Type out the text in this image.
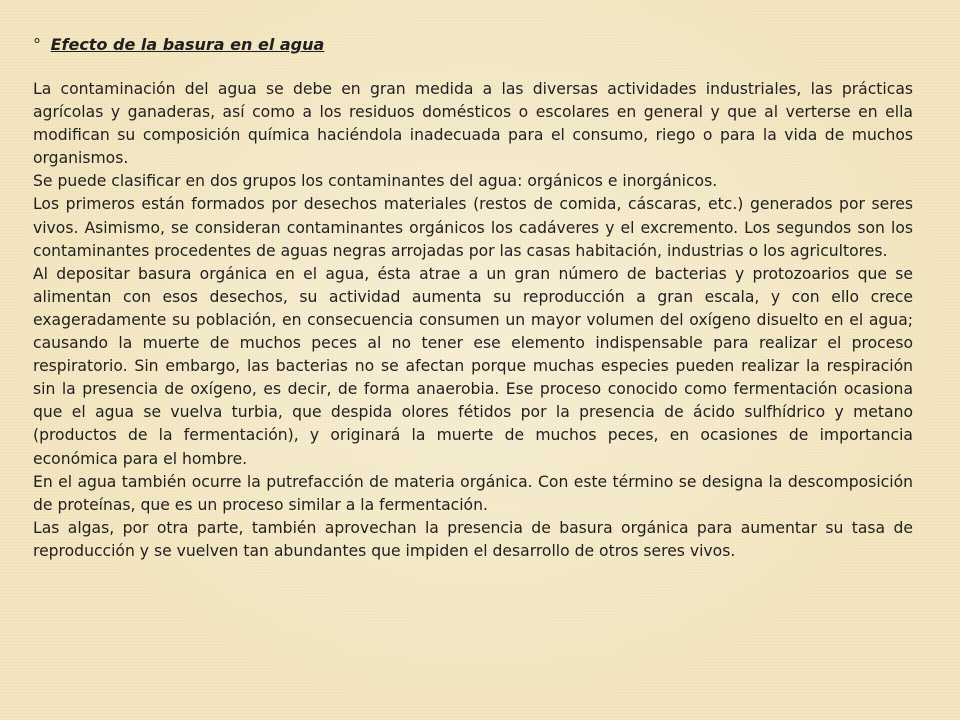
° Efecto de la basura en el agua

La contaminación del agua se debe en gran medida a las diversas actividades industriales, las prácticas agrícolas y ganaderas, así como a los residuos domésticos o escolares en general y que al verterse en ella modifican su composición química haciéndola inadecuada para el consumo, riego o para la vida de muchos organismos.

Se puede clasificar en dos grupos los contaminantes del agua: orgánicos e inorgánicos.

Los primeros están formados por desechos materiales (restos de comida, cáscaras, etc.) generados por seres vivos. Asimismo, se consideran contaminantes orgánicos los cadáveres y el excremento. Los segundos son los contaminantes procedentes de aguas negras arrojadas por las casas habitación, industrias o los agricultores.

Al depositar basura orgánica en el agua, ésta atrae a un gran número de bacterias y protozoarios que se alimentan con esos desechos, su actividad aumenta su reproducción a gran escala, y con ello crece exageradamente su población, en consecuencia consumen un mayor volumen del oxígeno disuelto en el agua; causando la muerte de muchos peces al no tener ese elemento indispensable para realizar el proceso respiratorio. Sin embargo, las bacterias no se afectan porque muchas especies pueden realizar la respiración sin la presencia de oxígeno, es decir, de forma anaerobia. Ese proceso conocido como fermentación ocasiona que el agua se vuelva turbia, que despida olores fétidos por la presencia de ácido sulfhídrico y metano (productos de la fermentación), y originará la muerte de muchos peces, en ocasiones de importancia económica para el hombre.

En el agua también ocurre la putrefacción de materia orgánica. Con este término se designa la descomposición de proteínas, que es un proceso similar a la fermentación.

Las algas, por otra parte, también aprovechan la presencia de basura orgánica para aumentar su tasa de reproducción y se vuelven tan abundantes que impiden el desarrollo de otros seres vivos.
